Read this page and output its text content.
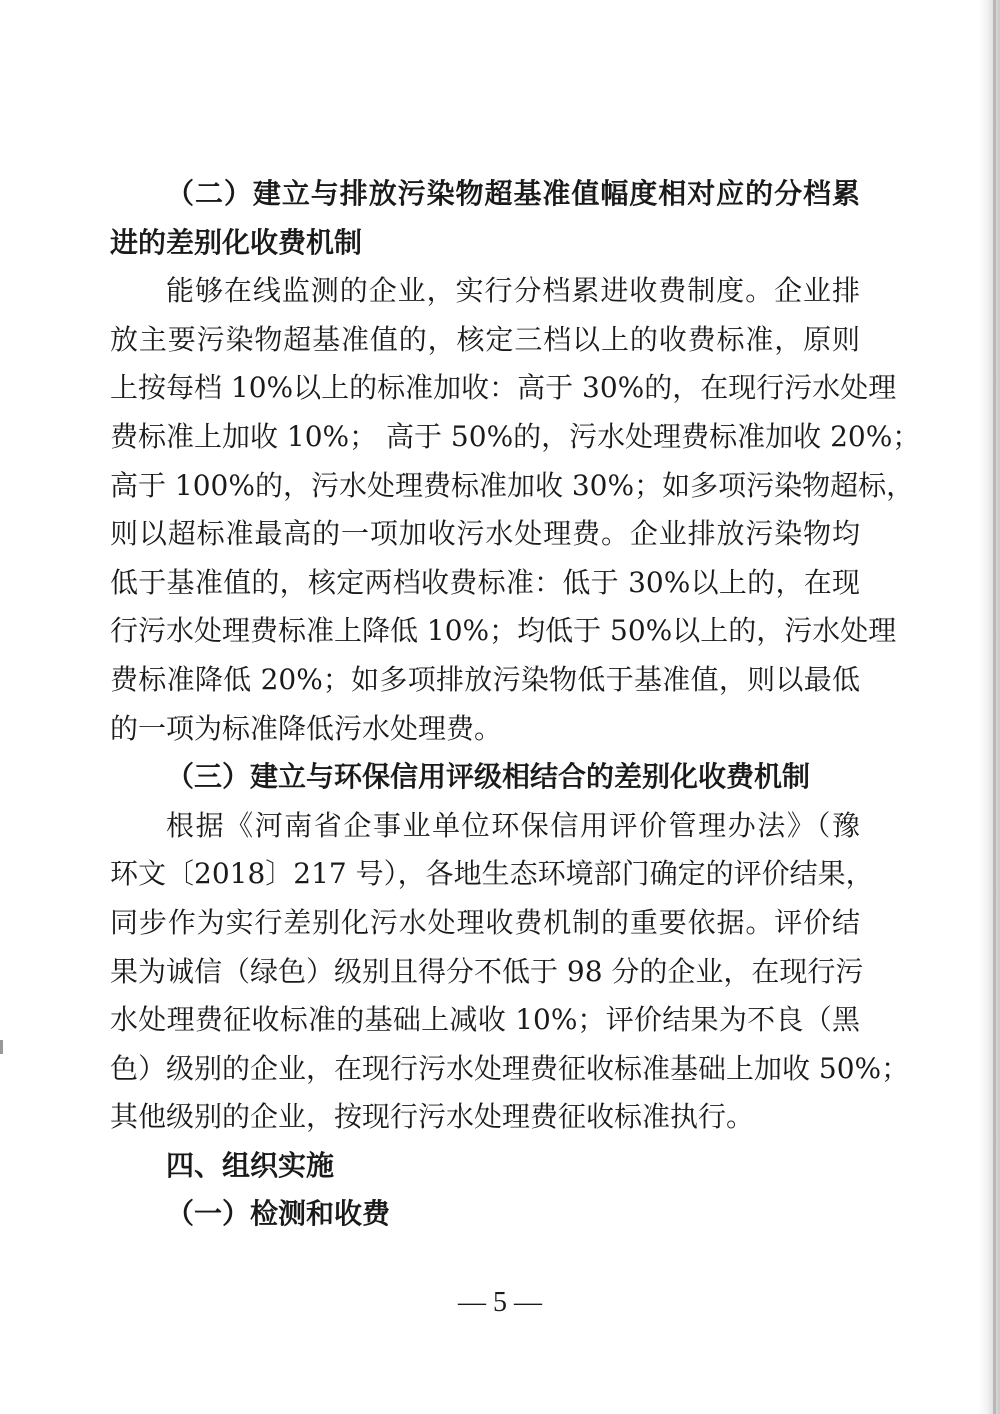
（二）建立与排放污染物超基准值幅度相对应的分档累
进的差别化收费机制
能够在线监测的企业，实行分档累进收费制度。企业排
放主要污染物超基准值的，核定三档以上的收费标准，原则
上按每档 10%以上的标准加收：高于 30%的，在现行污水处理
费标准上加收 10%； 高于 50%的，污水处理费标准加收 20%；
高于 100%的，污水处理费标准加收 30%；如多项污染物超标，
则以超标准最高的一项加收污水处理费。企业排放污染物均
低于基准值的，核定两档收费标准：低于 30%以上的，在现
行污水处理费标准上降低 10%；均低于 50%以上的，污水处理
费标准降低 20%；如多项排放污染物低于基准值，则以最低
的一项为标准降低污水处理费。
（三）建立与环保信用评级相结合的差别化收费机制
根据《河南省企事业单位环保信用评价管理办法》（豫
环文〔2018〕217 号），各地生态环境部门确定的评价结果，
同步作为实行差别化污水处理收费机制的重要依据。评价结
果为诚信（绿色）级别且得分不低于 98 分的企业，在现行污
水处理费征收标准的基础上减收 10%；评价结果为不良（黑
色）级别的企业，在现行污水处理费征收标准基础上加收 50%；
其他级别的企业，按现行污水处理费征收标准执行。
四、组织实施
（一）检测和收费
— 5 —
